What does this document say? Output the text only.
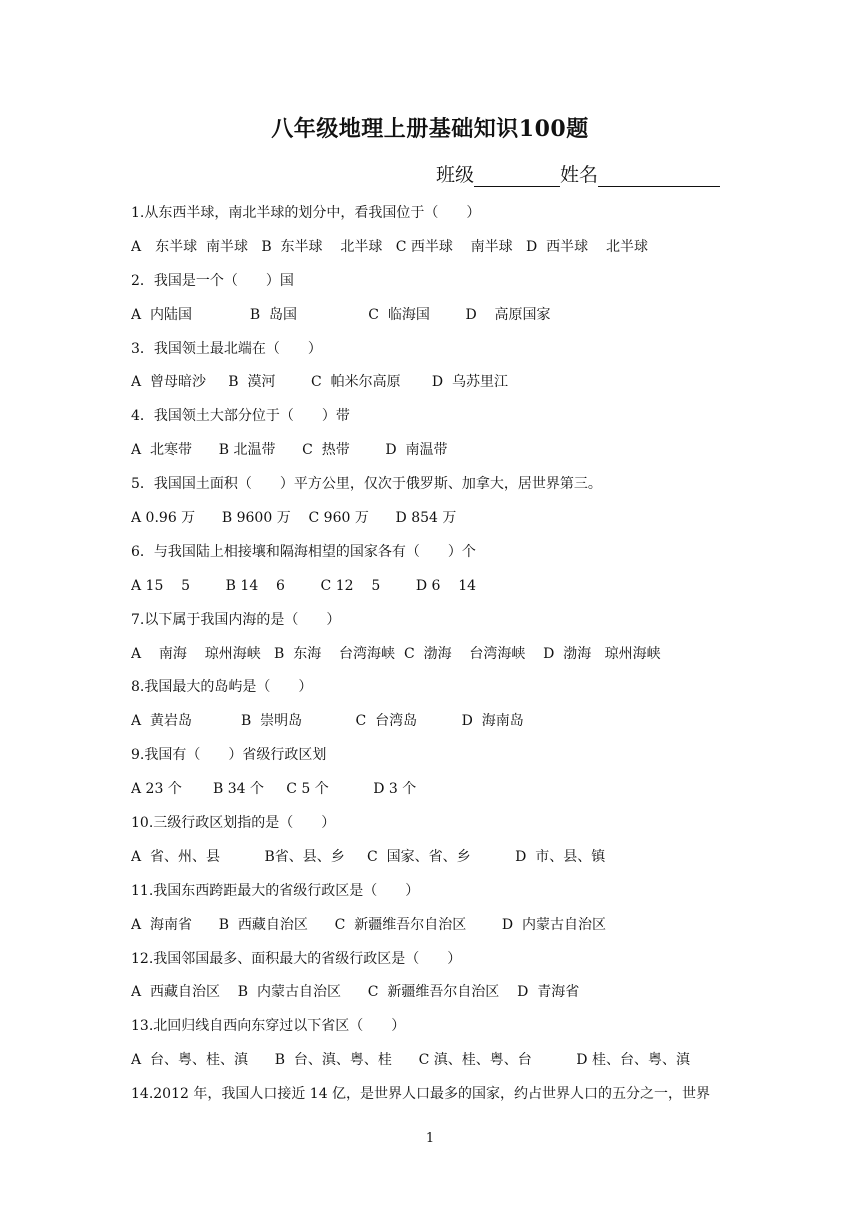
八年级地理上册基础知识100题
班级	姓名
1.从东西半球，南北半球的划分中，看我国位于（　　）
A　东半球  南半球   B  东半球    北半球   C 西半球    南半球   D  西半球    北半球
2．我国是一个（　　）国
A  内陆国             B  岛国                C  临海国        D    高原国家
3．我国领土最北端在（　　）
A  曾母暗沙     B  漠河        C  帕米尔高原       D  乌苏里江
4．我国领土大部分位于（　　）带
A  北寒带      B 北温带      C  热带        D  南温带
5．我国国土面积（　　）平方公里，仅次于俄罗斯、加拿大，居世界第三。
A 0.96 万      B 9600 万    C 960 万      D 854 万
6．与我国陆上相接壤和隔海相望的国家各有（　　）个
A 15    5        B 14    6        C 12    5        D 6    14
7.以下属于我国内海的是（　　）
A    南海    琼州海峡   B  东海    台湾海峡  C  渤海    台湾海峡    D  渤海   琼州海峡
8.我国最大的岛屿是（　　）
A  黄岩岛           B  崇明岛            C  台湾岛          D  海南岛
9.我国有（　　）省级行政区划
A 23 个       B 34 个     C 5 个          D 3 个
10.三级行政区划指的是（　　）
A  省、州、县          B省、县、乡     C  国家、省、乡          D  市、县、镇
11.我国东西跨距最大的省级行政区是（　　）
A  海南省      B  西藏自治区      C  新疆维吾尔自治区        D  内蒙古自治区
12.我国邻国最多、面积最大的省级行政区是（　　）
A  西藏自治区    B  内蒙古自治区      C  新疆维吾尔自治区    D  青海省
13.北回归线自西向东穿过以下省区（　　）
A  台、粤、桂、滇      B  台、滇、粤、桂      C 滇、桂、粤、台          D 桂、台、粤、滇
14.2012 年，我国人口接近 14 亿，是世界人口最多的国家，约占世界人口的五分之一，世界
1
